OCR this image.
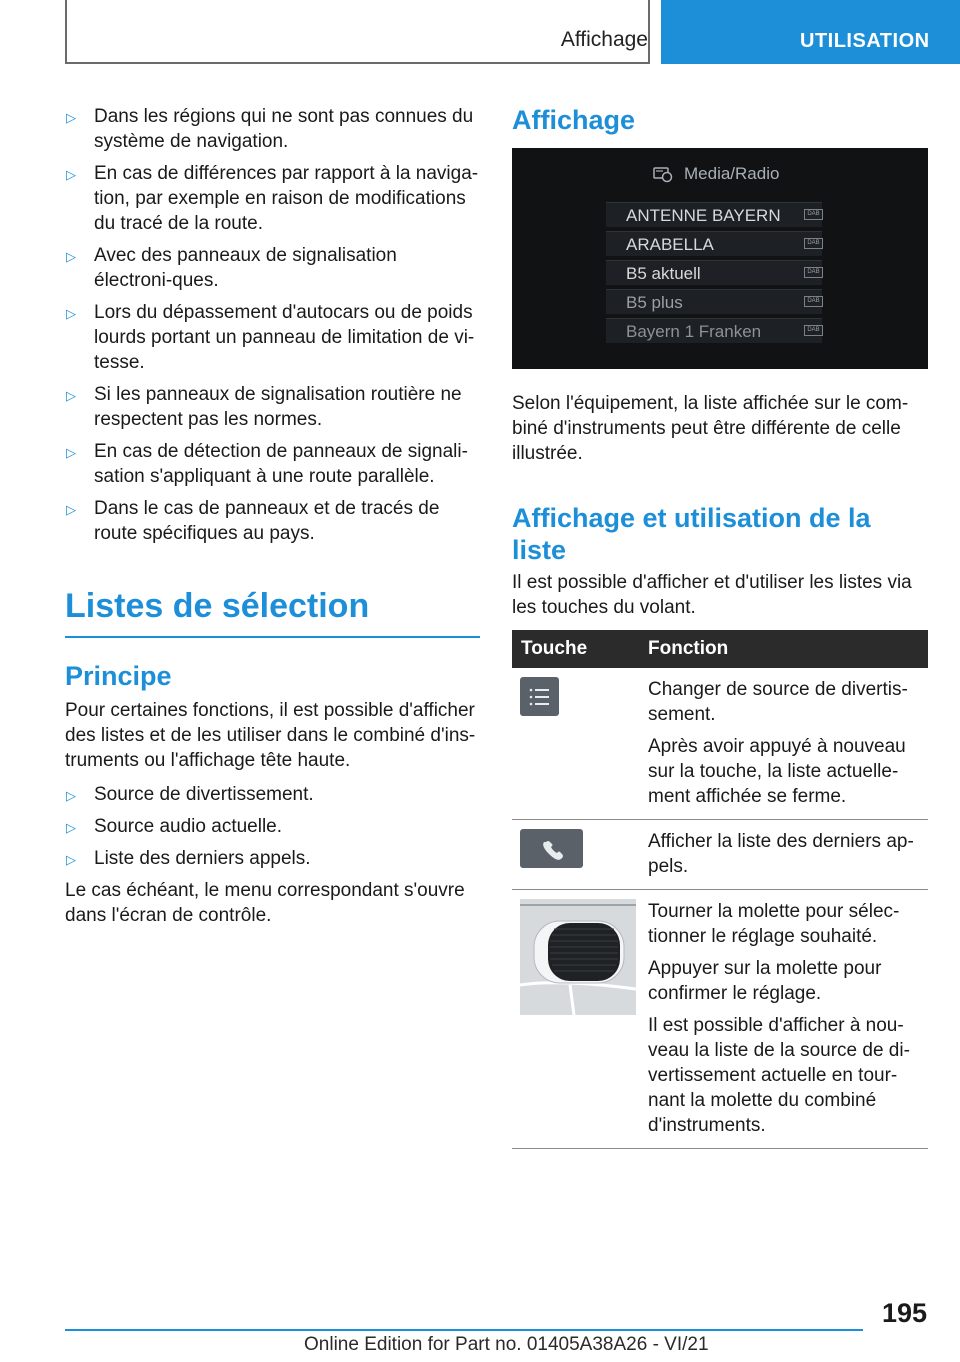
Affichage	UTILISATION
▷ Dans les régions qui ne sont pas connues du système de navigation.
▷ En cas de différences par rapport à la naviga-tion, par exemple en raison de modifications du tracé de la route.
▷ Avec des panneaux de signalisation électroni-ques.
▷ Lors du dépassement d'autocars ou de poids lourds portant un panneau de limitation de vi-tesse.
▷ Si les panneaux de signalisation routière ne respectent pas les normes.
▷ En cas de détection de panneaux de signali-sation s'appliquant à une route parallèle.
▷ Dans le cas de panneaux et de tracés de route spécifiques au pays.
Listes de sélection
Principe

Pour certaines fonctions, il est possible d'afficher des listes et de les utiliser dans le combiné d'ins-truments ou l'affichage tête haute.

▷ Source de divertissement.
▷ Source audio actuelle.
▷ Liste des derniers appels.

Le cas échéant, le menu correspondant s'ouvre dans l'écran de contrôle.

Affichage
Media/Radio
ANTENNE BAYERN	DAB
ARABELLA	DAB
B5 aktuell	DAB
B5 plus	DAB
Bayern 1 Franken	DAB

Selon l'équipement, la liste affichée sur le com-biné d'instruments peut être différente de celle illustrée.

Affichage et utilisation de la liste

Il est possible d'afficher et d'utiliser les listes via les touches du volant.

Touche	Fonction

Changer de source de divertis-sement.

Après avoir appuyé à nouveau sur la touche, la liste actuelle-ment affichée se ferme.

Afficher la liste des derniers ap-pels.

Tourner la molette pour sélec-tionner le réglage souhaité.

Appuyer sur la molette pour confirmer le réglage.

Il est possible d'afficher à nou-veau la liste de la source de di-vertissement actuelle en tour-nant la molette du combiné d'instruments.

195
Online Edition for Part no. 01405A38A26 - VI/21
